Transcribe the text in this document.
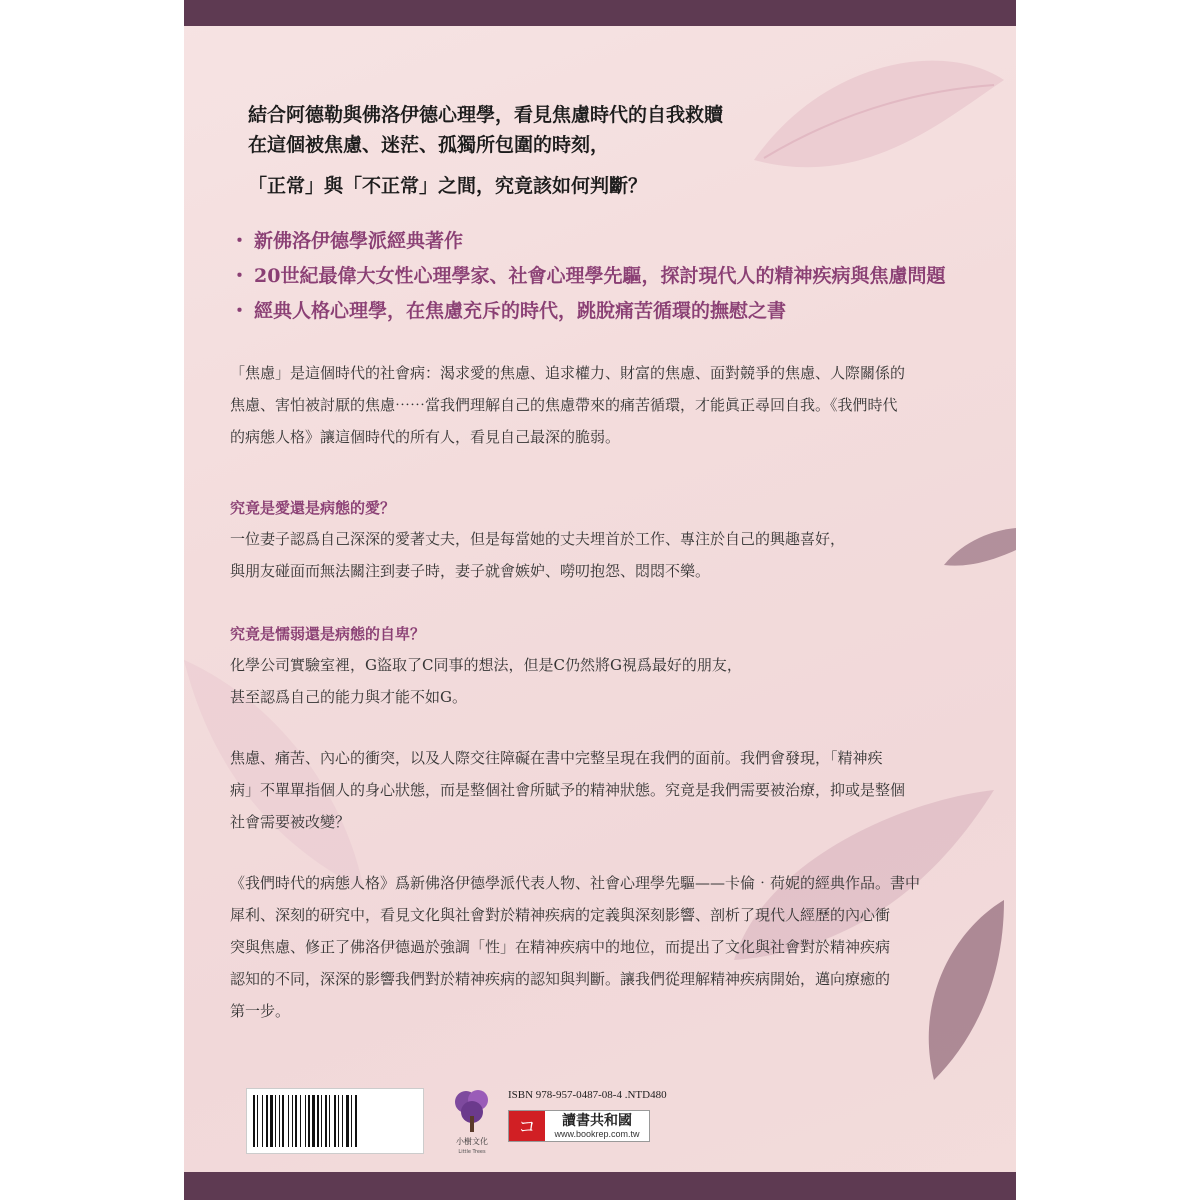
結合阿德勒與佛洛伊德心理學，看見焦慮時代的自我救贖
在這個被焦慮、迷茫、孤獨所包圍的時刻，
「正常」與「不正常」之間，究竟該如何判斷？
・ 新佛洛伊德學派經典著作
・ 20世紀最偉大女性心理學家、社會心理學先驅，探討現代人的精神疾病與焦慮問題
・ 經典人格心理學，在焦慮充斥的時代，跳脫痛苦循環的撫慰之書
「焦慮」是這個時代的社會病：渴求愛的焦慮、追求權力、財富的焦慮、面對競爭的焦慮、人際關係的
焦慮、害怕被討厭的焦慮⋯⋯當我們理解自己的焦慮帶來的痛苦循環，才能眞正尋回自我。《我們時代
的病態人格》讓這個時代的所有人，看見自己最深的脆弱。
究竟是愛還是病態的愛？
一位妻子認爲自己深深的愛著丈夫，但是每當她的丈夫埋首於工作、專注於自己的興趣喜好，
與朋友碰面而無法關注到妻子時，妻子就會嫉妒、嘮叨抱怨、悶悶不樂。
究竟是懦弱還是病態的自卑？
化學公司實驗室裡，G盜取了C同事的想法，但是C仍然將G視爲最好的朋友，
甚至認爲自己的能力與才能不如G。
焦慮、痛苦、內心的衝突，以及人際交往障礙在書中完整呈現在我們的面前。我們會發現，「精神疾
病」不單單指個人的身心狀態，而是整個社會所賦予的精神狀態。究竟是我們需要被治療，抑或是整個
社會需要被改變？
《我們時代的病態人格》爲新佛洛伊德學派代表人物、社會心理學先驅——卡倫‧荷妮的經典作品。書中
犀利、深刻的研究中，看見文化與社會對於精神疾病的定義與深刻影響、剖析了現代人經歷的內心衝
突與焦慮、修正了佛洛伊德過於強調「性」在精神疾病中的地位，而提出了文化與社會對於精神疾病
認知的不同，深深的影響我們對於精神疾病的認知與判斷。讓我們從理解精神疾病開始，邁向療癒的
第一步。
小樹文化
Little Trees
ISBN 978-957-0487-08-4 .NTD480
コ	讀書共和國
www.bookrep.com.tw
